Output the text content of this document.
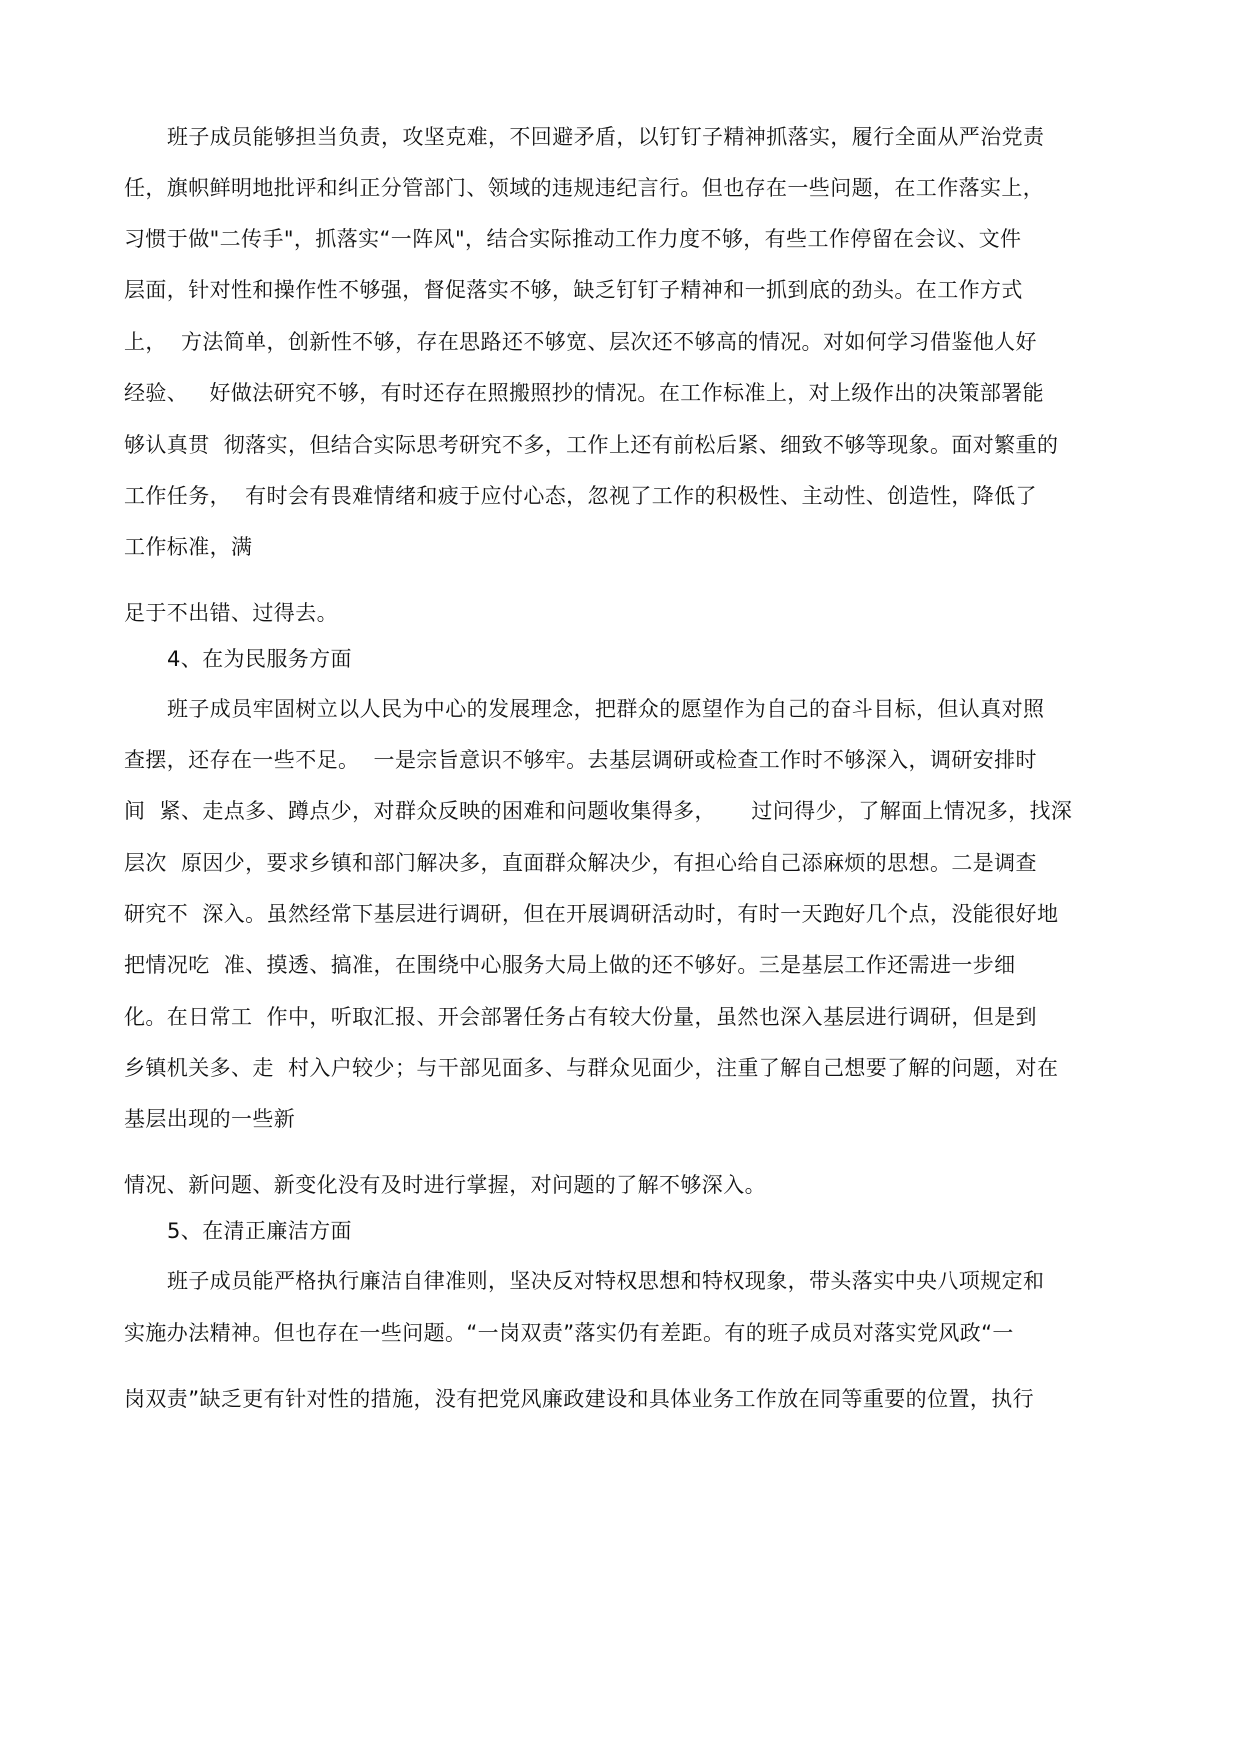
班子成员能够担当负责，攻坚克难，不回避矛盾，以钉钉子精神抓落实，履行全面从严治党责
任，旗帜鲜明地批评和纠正分管部门、领域的违规违纪言行。但也存在一些问题，在工作落实上，
习惯于做"二传手"，抓落实“一阵风"，结合实际推动工作力度不够，有些工作停留在会议、文件
层面，针对性和操作性不够强，督促落实不够，缺乏钉钉子精神和一抓到底的劲头。在工作方式
上，  方法简单，创新性不够，存在思路还不够宽、层次还不够高的情况。对如何学习借鉴他人好
经验、   好做法研究不够，有时还存在照搬照抄的情况。在工作标准上，对上级作出的决策部署能
够认真贯  彻落实，但结合实际思考研究不多，工作上还有前松后紧、细致不够等现象。面对繁重的
工作任务，  有时会有畏难情绪和疲于应付心态，忽视了工作的积极性、主动性、创造性，降低了
工作标准，满
足于不出错、过得去。
4、在为民服务方面
班子成员牢固树立以人民为中心的发展理念，把群众的愿望作为自己的奋斗目标，但认真对照
查摆，还存在一些不足。  一是宗旨意识不够牢。去基层调研或检查工作时不够深入，调研安排时
间  紧、走点多、蹲点少，对群众反映的困难和问题收集得多，     过问得少，了解面上情况多，找深
层次  原因少，要求乡镇和部门解决多，直面群众解决少，有担心给自己添麻烦的思想。二是调查
研究不  深入。虽然经常下基层进行调研，但在开展调研活动时，有时一天跑好几个点，没能很好地
把情况吃  准、摸透、搞准，在围绕中心服务大局上做的还不够好。三是基层工作还需进一步细
化。在日常工  作中，听取汇报、开会部署任务占有较大份量，虽然也深入基层进行调研，但是到
乡镇机关多、走  村入户较少；与干部见面多、与群众见面少，注重了解自己想要了解的问题，对在
基层出现的一些新
情况、新问题、新变化没有及时进行掌握，对问题的了解不够深入。
5、在清正廉洁方面
班子成员能严格执行廉洁自律准则，坚决反对特权思想和特权现象，带头落实中央八项规定和
实施办法精神。但也存在一些问题。“一岗双责”落实仍有差距。有的班子成员对落实党风政“一
岗双责”缺乏更有针对性的措施，没有把党风廉政建设和具体业务工作放在同等重要的位置，执行
